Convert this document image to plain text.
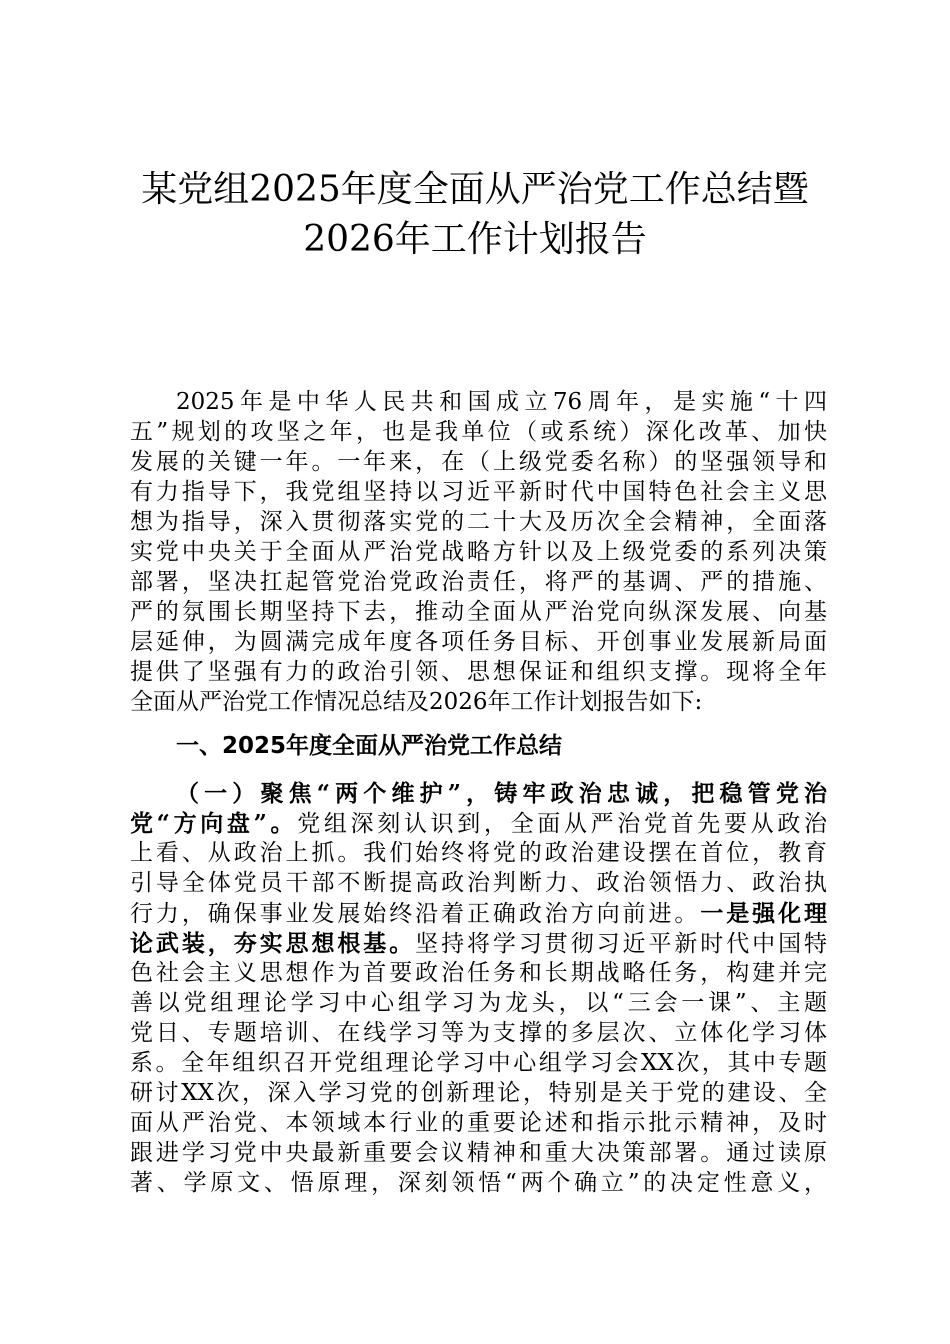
某党组2025年度全面从严治党工作总结暨
2026年工作计划报告
2025年是中华人民共和国成立76周年，是实施“十四
五”规划的攻坚之年，也是我单位（或系统）深化改革、加快
发展的关键一年。一年来，在（上级党委名称）的坚强领导和
有力指导下，我党组坚持以习近平新时代中国特色社会主义思
想为指导，深入贯彻落实党的二十大及历次全会精神，全面落
实党中央关于全面从严治党战略方针以及上级党委的系列决策
部署，坚决扛起管党治党政治责任，将严的基调、严的措施、
严的氛围长期坚持下去，推动全面从严治党向纵深发展、向基
层延伸，为圆满完成年度各项任务目标、开创事业发展新局面
提供了坚强有力的政治引领、思想保证和组织支撑。现将全年
全面从严治党工作情况总结及2026年工作计划报告如下:
一、2025年度全面从严治党工作总结
（一）聚焦“两个维护”，铸牢政治忠诚，把稳管党治
党“方向盘”。党组深刻认识到，全面从严治党首先要从政治
上看、从政治上抓。我们始终将党的政治建设摆在首位，教育
引导全体党员干部不断提高政治判断力、政治领悟力、政治执
行力，确保事业发展始终沿着正确政治方向前进。一是强化理
论武装，夯实思想根基。坚持将学习贯彻习近平新时代中国特
色社会主义思想作为首要政治任务和长期战略任务，构建并完
善以党组理论学习中心组学习为龙头，以“三会一课”、主题
党日、专题培训、在线学习等为支撑的多层次、立体化学习体
系。全年组织召开党组理论学习中心组学习会XX次，其中专题
研讨XX次，深入学习党的创新理论，特别是关于党的建设、全
面从严治党、本领域本行业的重要论述和指示批示精神，及时
跟进学习党中央最新重要会议精神和重大决策部署。通过读原
著、学原文、悟原理，深刻领悟“两个确立”的决定性意义，
